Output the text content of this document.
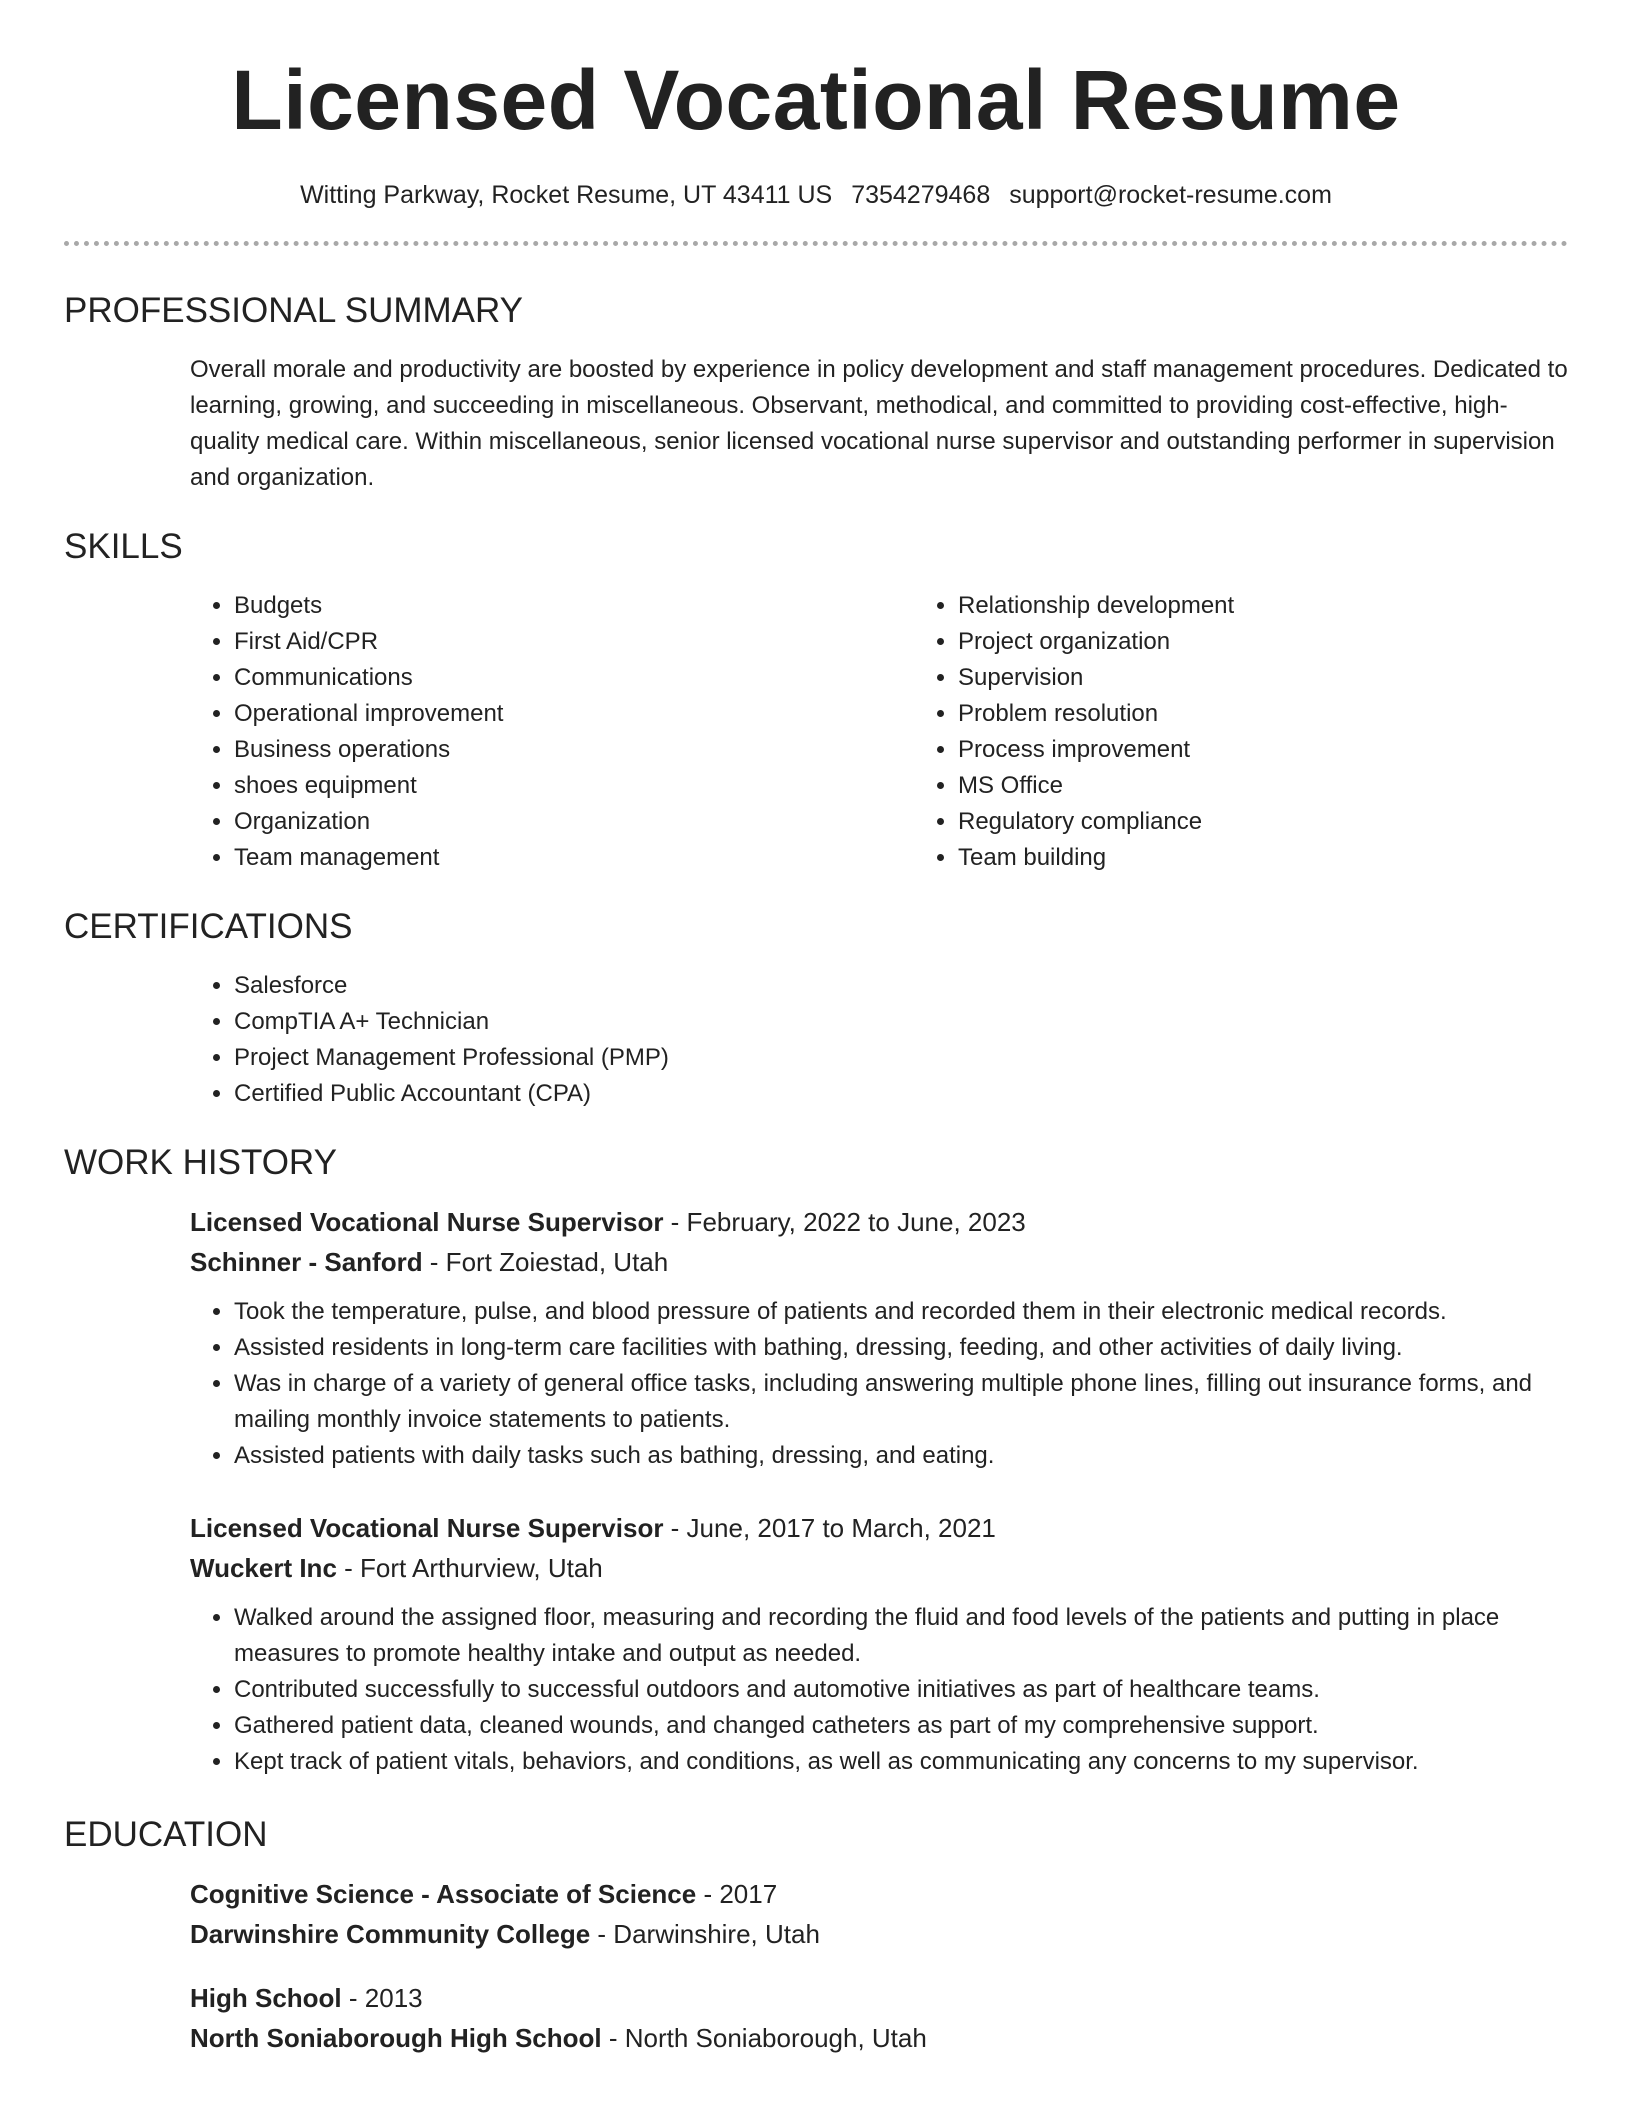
Licensed Vocational Resume
Witting Parkway, Rocket Resume, UT 43411 US 7354279468 support@rocket-resume.com
PROFESSIONAL SUMMARY

Overall morale and productivity are boosted by experience in policy development and staff management procedures. Dedicated to learning, growing, and succeeding in miscellaneous. Observant, methodical, and committed to providing cost-effective, high-quality medical care. Within miscellaneous, senior licensed vocational nurse supervisor and outstanding performer in supervision and organization.

SKILLS
• Budgets
• First Aid/CPR
• Communications
• Operational improvement
• Business operations
• shoes equipment
• Organization
• Team management
• Relationship development
• Project organization
• Supervision
• Problem resolution
• Process improvement
• MS Office
• Regulatory compliance
• Team building
CERTIFICATIONS
• Salesforce
• CompTIA A+ Technician
• Project Management Professional (PMP)
• Certified Public Accountant (CPA)
WORK HISTORY
Licensed Vocational Nurse Supervisor - February, 2022 to June, 2023
Schinner - Sanford - Fort Zoiestad, Utah
• Took the temperature, pulse, and blood pressure of patients and recorded them in their electronic medical records.
• Assisted residents in long-term care facilities with bathing, dressing, feeding, and other activities of daily living.
• Was in charge of a variety of general office tasks, including answering multiple phone lines, filling out insurance forms, and mailing monthly invoice statements to patients.
• Assisted patients with daily tasks such as bathing, dressing, and eating.
Licensed Vocational Nurse Supervisor - June, 2017 to March, 2021
Wuckert Inc - Fort Arthurview, Utah
• Walked around the assigned floor, measuring and recording the fluid and food levels of the patients and putting in place measures to promote healthy intake and output as needed.
• Contributed successfully to successful outdoors and automotive initiatives as part of healthcare teams.
• Gathered patient data, cleaned wounds, and changed catheters as part of my comprehensive support.
• Kept track of patient vitals, behaviors, and conditions, as well as communicating any concerns to my supervisor.
EDUCATION
Cognitive Science - Associate of Science - 2017
Darwinshire Community College - Darwinshire, Utah
High School - 2013
North Soniaborough High School - North Soniaborough, Utah
